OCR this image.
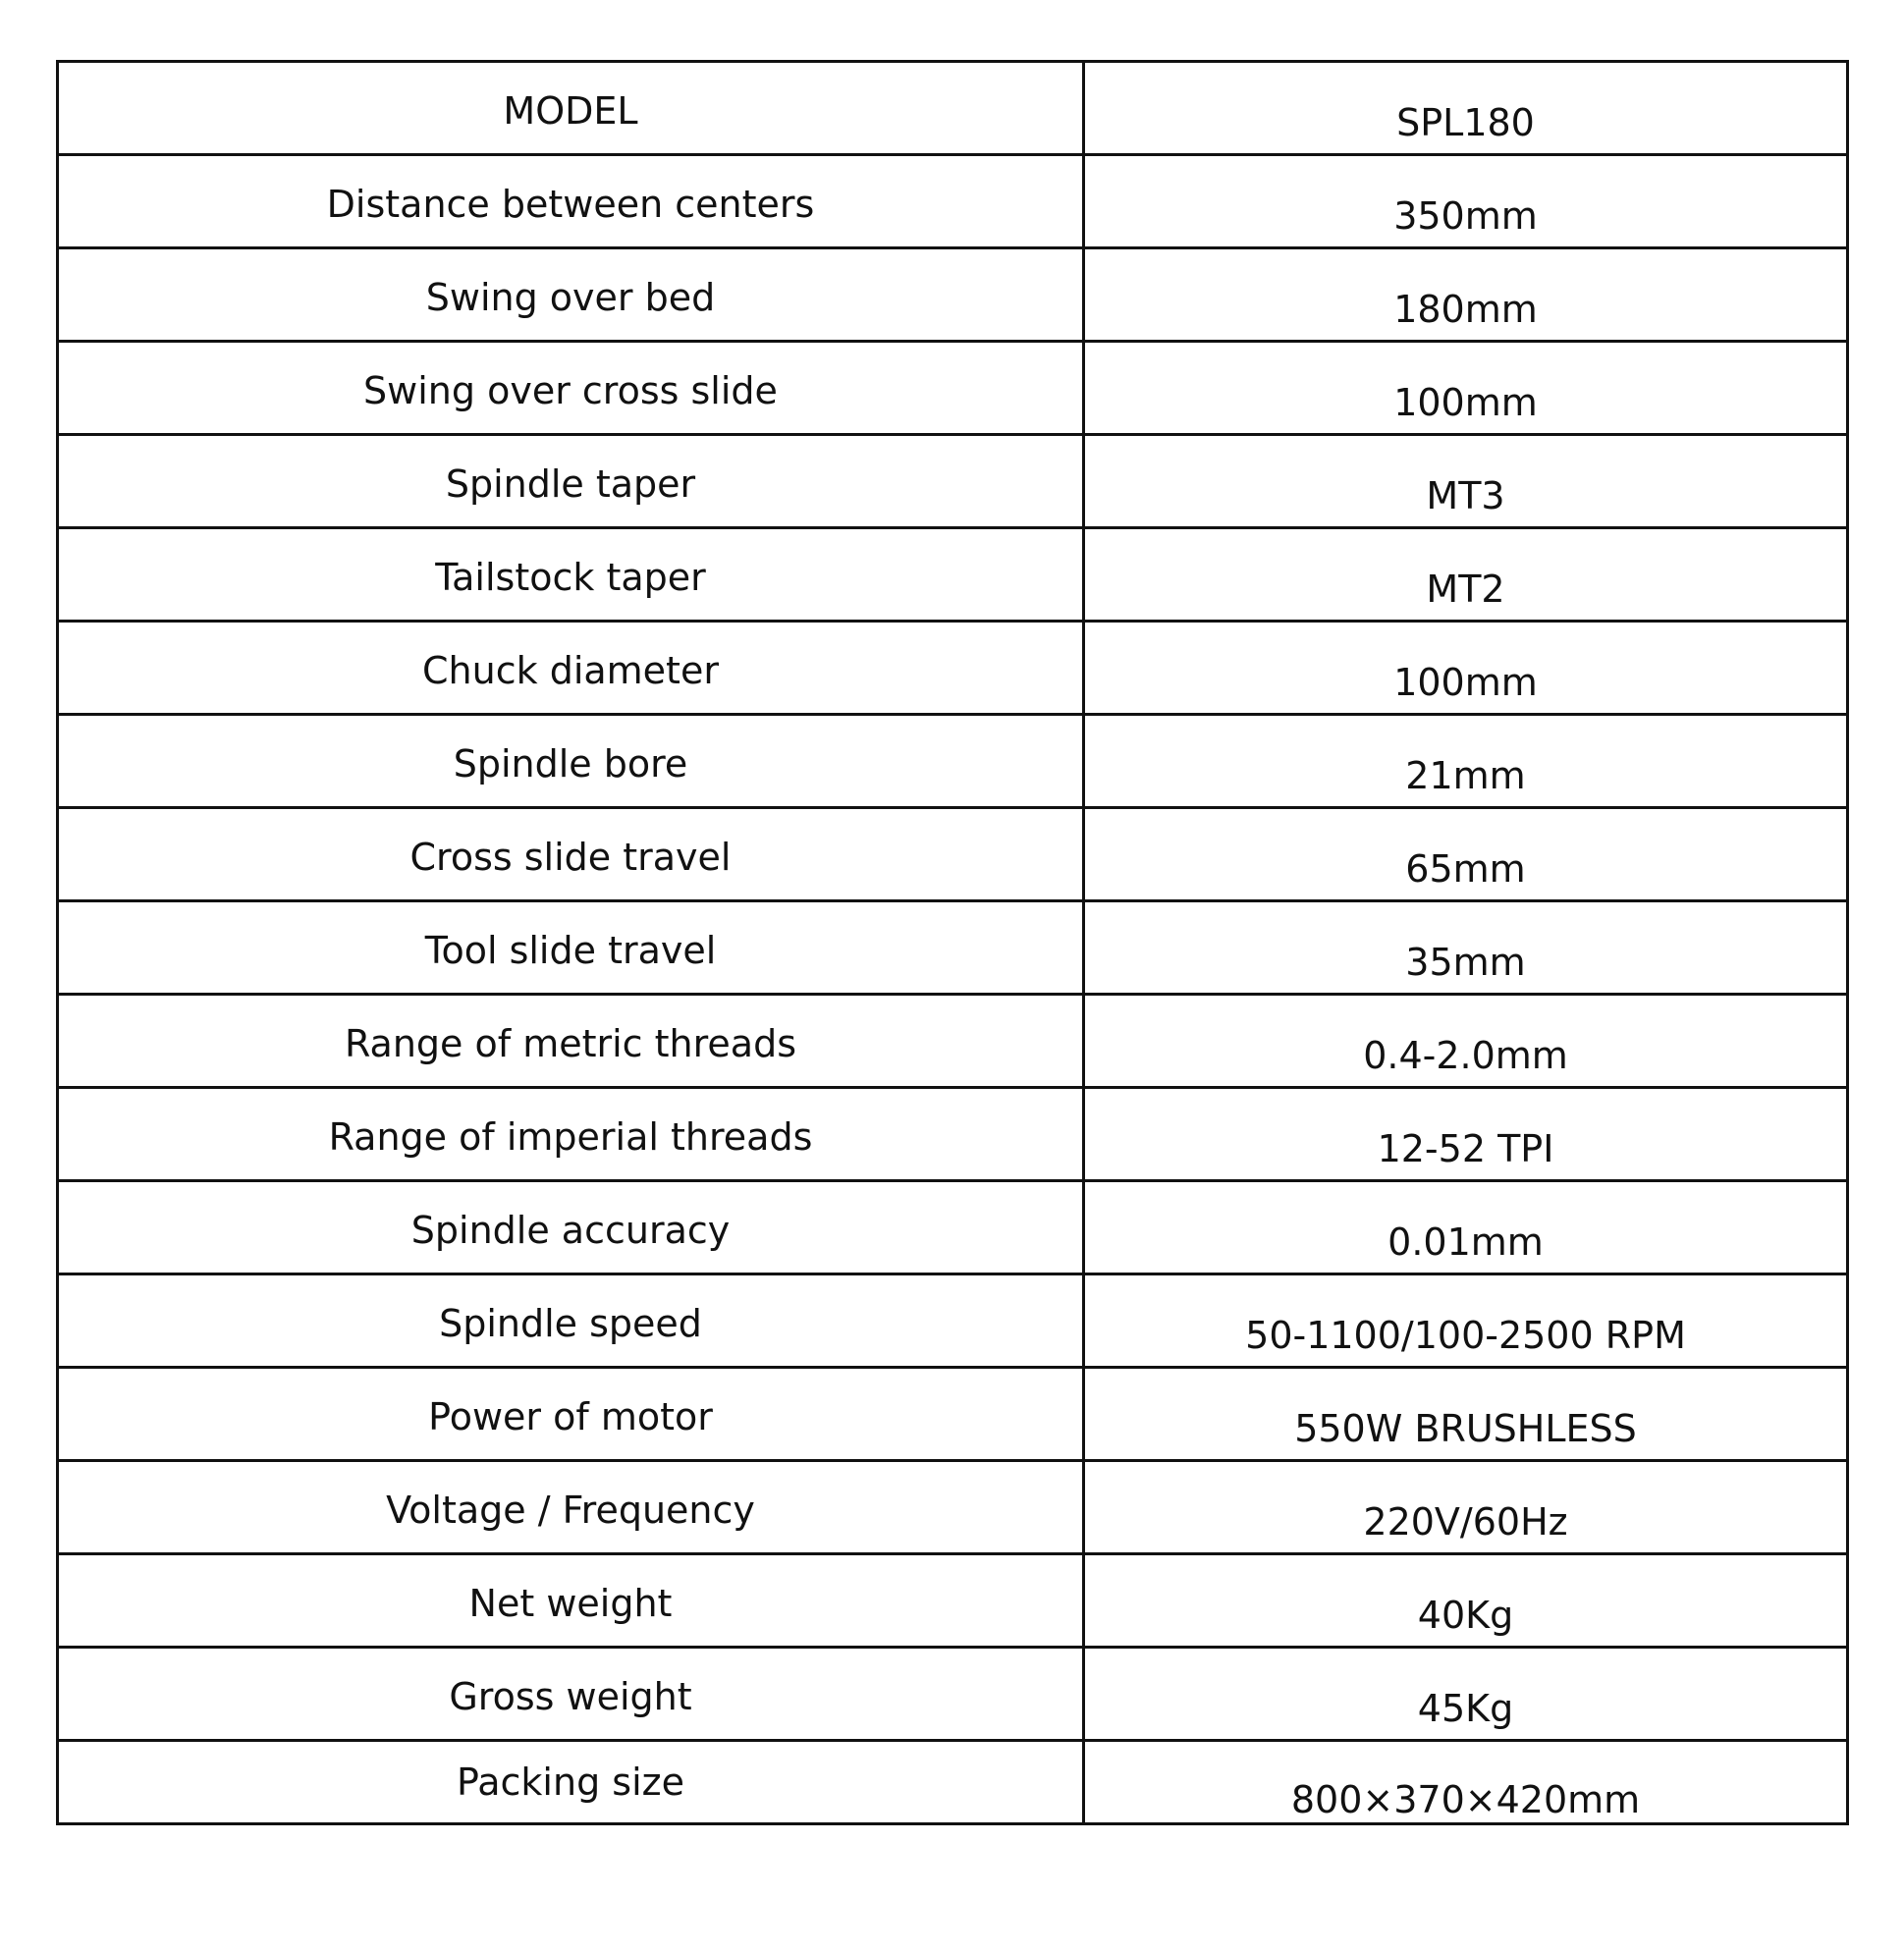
MODEL	SPL180
Distance between centers	350mm
Swing over bed	180mm
Swing over cross slide	100mm
Spindle taper	MT3
Tailstock taper	MT2
Chuck diameter	100mm
Spindle bore	21mm
Cross slide travel	65mm
Tool slide travel	35mm
Range of metric threads	0.4-2.0mm
Range of imperial threads	12-52 TPI
Spindle accuracy	0.01mm
Spindle speed	50-1100/100-2500 RPM
Power of motor	550W BRUSHLESS
Voltage / Frequency	220V/60Hz
Net weight	40Kg
Gross weight	45Kg
Packing size	800×370×420mm
